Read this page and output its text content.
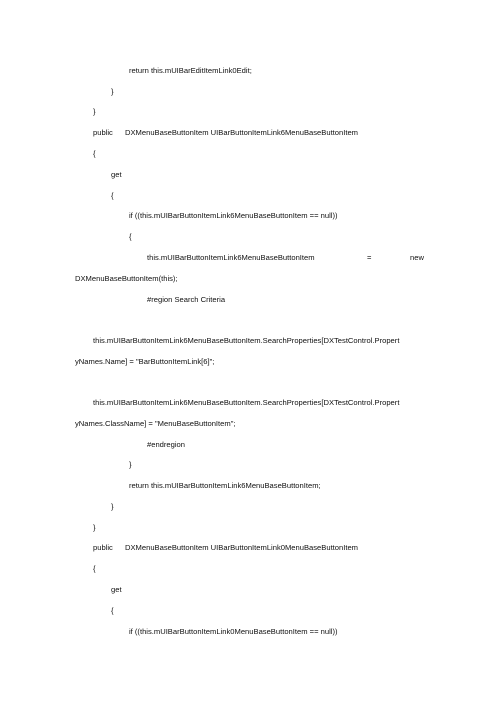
return this.mUIBarEditItemLink0Edit;
}
}
public DXMenuBaseButtonItem UIBarButtonItemLink6MenuBaseButtonItem
{
get
{
if ((this.mUIBarButtonItemLink6MenuBaseButtonItem == null))
{
this.mUIBarButtonItemLink6MenuBaseButtonItem	=	new
DXMenuBaseButtonItem(this);
#region Search Criteria
this.mUIBarButtonItemLink6MenuBaseButtonItem.SearchProperties[DXTestControl.Propert
yNames.Name] = "BarButtonItemLink[6]";
this.mUIBarButtonItemLink6MenuBaseButtonItem.SearchProperties[DXTestControl.Propert
yNames.ClassName] = "MenuBaseButtonItem";
#endregion
}
return this.mUIBarButtonItemLink6MenuBaseButtonItem;
}
}
public DXMenuBaseButtonItem UIBarButtonItemLink0MenuBaseButtonItem
{
get
{
if ((this.mUIBarButtonItemLink0MenuBaseButtonItem == null))
